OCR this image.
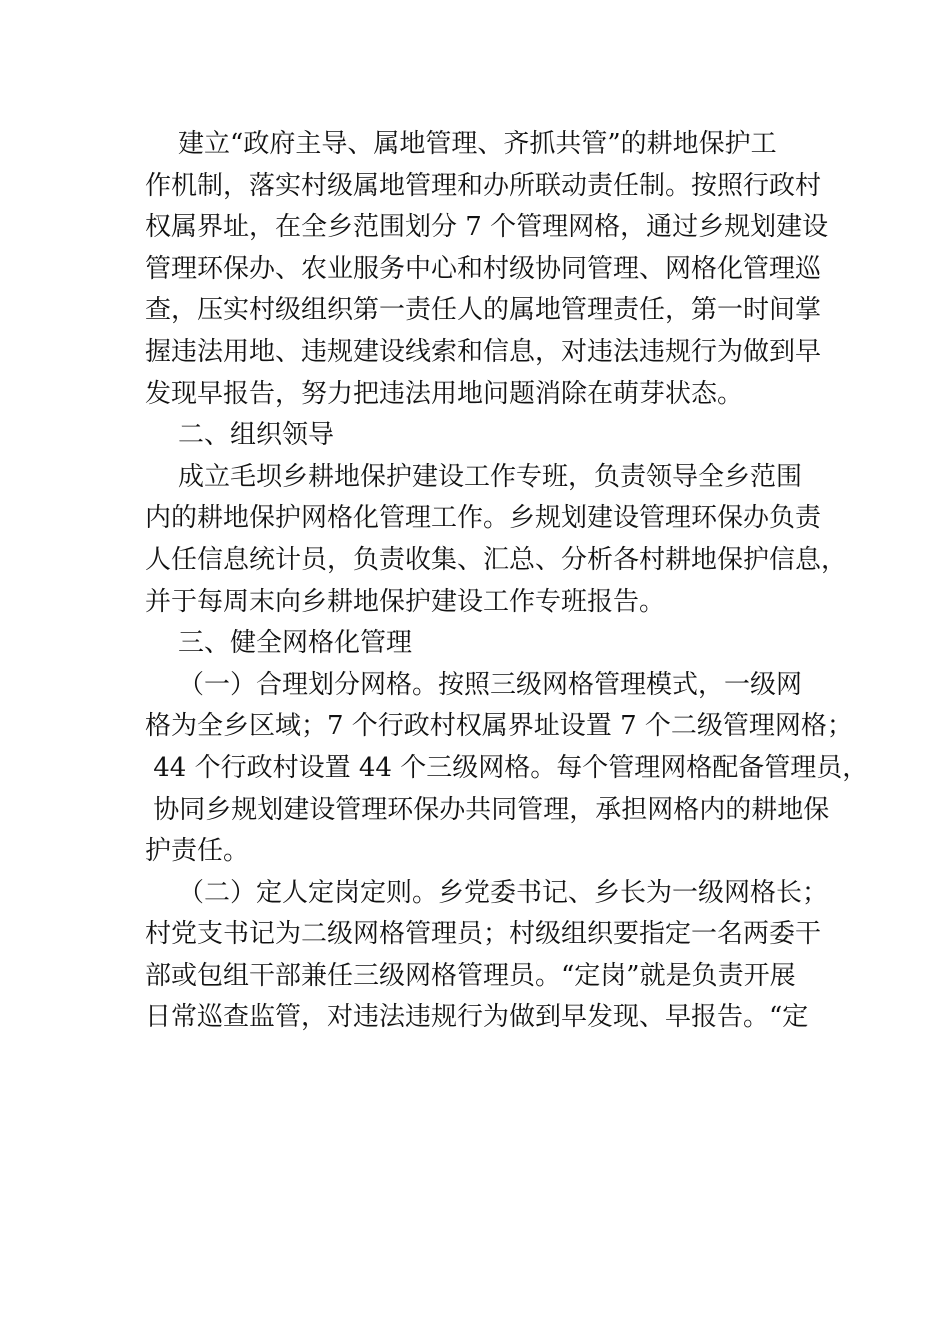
建立“政府主导、属地管理、齐抓共管”的耕地保护工
作机制，落实村级属地管理和办所联动责任制。按照行政村
权属界址，在全乡范围划分 7 个管理网格，通过乡规划建设
管理环保办、农业服务中心和村级协同管理、网格化管理巡
查，压实村级组织第一责任人的属地管理责任，第一时间掌
握违法用地、违规建设线索和信息，对违法违规行为做到早
发现早报告，努力把违法用地问题消除在萌芽状态。
二、组织领导
成立毛坝乡耕地保护建设工作专班，负责领导全乡范围
内的耕地保护网格化管理工作。乡规划建设管理环保办负责
人任信息统计员，负责收集、汇总、分析各村耕地保护信息，
并于每周末向乡耕地保护建设工作专班报告。
三、健全网格化管理
（一）合理划分网格。按照三级网格管理模式，一级网
格为全乡区域；7 个行政村权属界址设置 7 个二级管理网格；
44 个行政村设置 44 个三级网格。每个管理网格配备管理员，
协同乡规划建设管理环保办共同管理，承担网格内的耕地保
护责任。
（二）定人定岗定则。乡党委书记、乡长为一级网格长；
村党支书记为二级网格管理员；村级组织要指定一名两委干
部或包组干部兼任三级网格管理员。“定岗”就是负责开展
日常巡查监管，对违法违规行为做到早发现、早报告。“定
